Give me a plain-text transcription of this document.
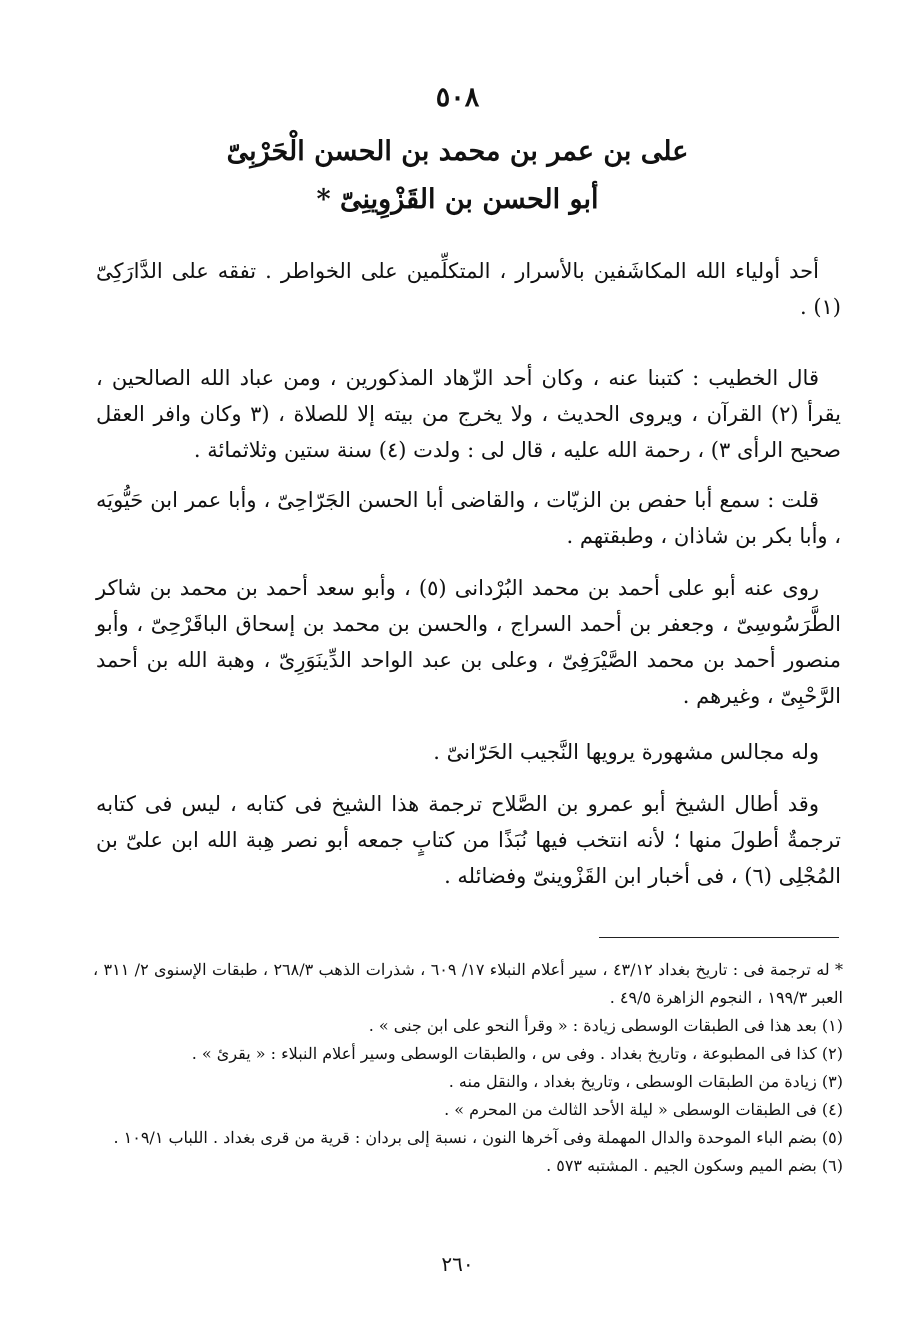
٥٠٨
على بن عمر بن محمد بن الحسن الْحَرْبِىّ
أبو الحسن بن القَزْوِينِىّ *

أحد أولياء الله المكاشَفين بالأسرار ، المتكلِّمين على الخواطر . تفقه على الدَّارَكِىّ (١) .

قال الخطيب : كتبنا عنه ، وكان أحد الزّهاد المذكورين ، ومن عباد الله الصالحين ، يقرأ (٢) القرآن ، ويروى الحديث ، ولا يخرج من بيته إلا للصلاة ، (٣ وكان وافر العقل صحيح الرأى ٣) ، رحمة الله عليه ، قال لى : ولدت (٤) سنة ستين وثلاثمائة .

قلت : سمع أبا حفص بن الزيّات ، والقاضى أبا الحسن الجَرّاحِىّ ، وأبا عمر ابن حَيُّويَه ، وأبا بكر بن شاذان ، وطبقتهم .

روى عنه أبو على أحمد بن محمد البُرْدانى (٥) ، وأبو سعد أحمد بن محمد بن شاكر الطَّرَسُوسِىّ ، وجعفر بن أحمد السراج ، والحسن بن محمد بن إسحاق الباقَرْحِىّ ، وأبو منصور أحمد بن محمد الصَّيْرَفِىّ ، وعلى بن عبد الواحد الدِّينَوَرِىّ ، وهبة الله بن أحمد الرَّحْبِىّ ، وغيرهم .

وله مجالس مشهورة يرويها النَّجيب الحَرّانىّ .

وقد أطال الشيخ أبو عمرو بن الصَّلاح ترجمة هذا الشيخ فى كتابه ، ليس فى كتابه ترجمةٌ أطولَ منها ؛ لأنه انتخب فيها نُبَذًا من كتابٍ جمعه أبو نصر هِبة الله ابن علىّ بن المُجْلِى (٦) ، فى أخبار ابن القَزْوينىّ وفضائله .

* له ترجمة فى : تاريخ بغداد ٤٣/١٢ ، سير أعلام النبلاء ١٧/ ٦٠٩ ، شذرات الذهب ٢٦٨/٣ ، طبقات الإسنوى ٢/ ٣١١ ، العبر ١٩٩/٣ ، النجوم الزاهرة ٤٩/٥ .

(١) بعد هذا فى الطبقات الوسطى زيادة : « وقرأ النحو على ابن جنى » .

(٢) كذا فى المطبوعة ، وتاريخ بغداد . وفى س ، والطبقات الوسطى وسير أعلام النبلاء : « يقرئ » .

(٣) زيادة من الطبقات الوسطى ، وتاريخ بغداد ، والنقل منه .

(٤) فى الطبقات الوسطى « ليلة الأحد الثالث من المحرم » .

(٥) بضم الباء الموحدة والدال المهملة وفى آخرها النون ، نسبة إلى بردان : قرية من قرى بغداد . اللباب ١٠٩/١ .

(٦) بضم الميم وسكون الجيم . المشتبه ٥٧٣ .

٢٦٠
